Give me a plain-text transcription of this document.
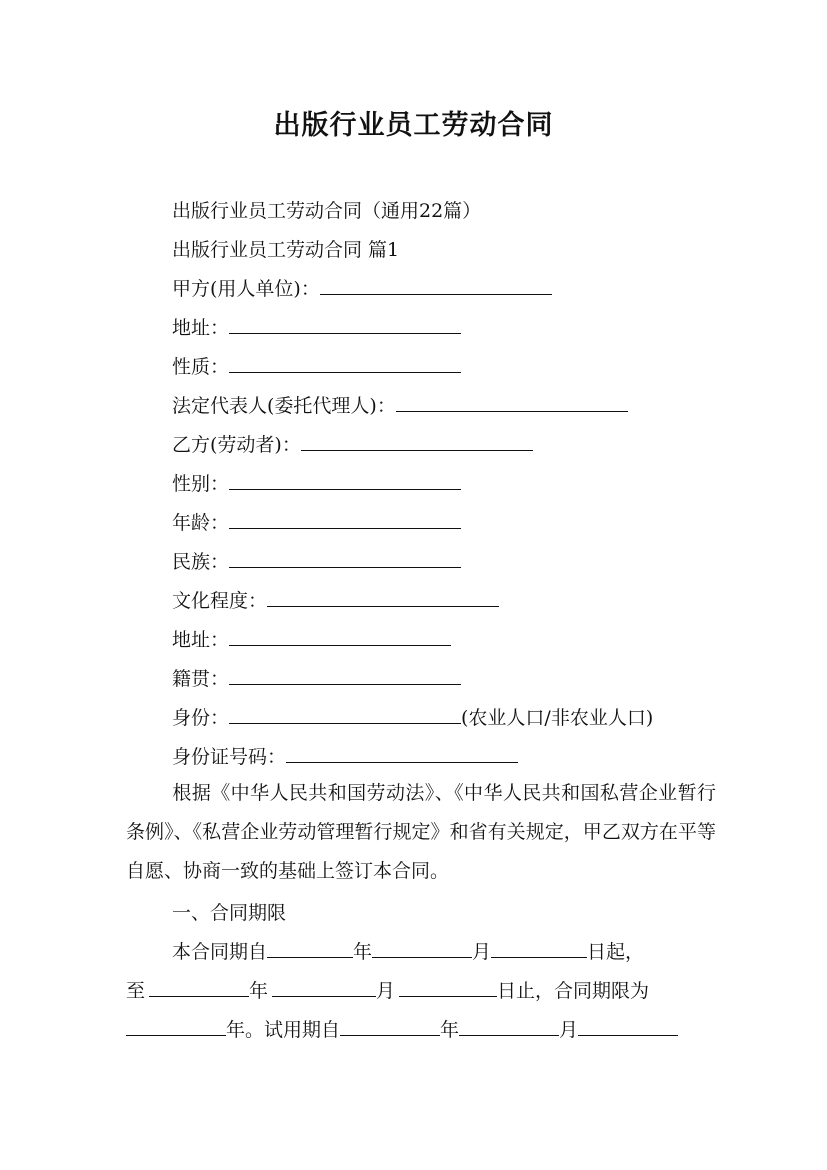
出版行业员工劳动合同
出版行业员工劳动合同（通用22篇）
出版行业员工劳动合同 篇1
甲方(用人单位)：
地址：
性质：
法定代表人(委托代理人)：
乙方(劳动者)：
性别：
年龄：
民族：
文化程度：
地址：
籍贯：
身份：	(农业人口/非农业人口)
身份证号码：
根据《中华人民共和国劳动法》、《中华人民共和国私营企业暂行条例》、《私营企业劳动管理暂行规定》和省有关规定，甲乙双方在平等自愿、协商一致的基础上签订本合同。
一、合同期限
本合同期自	年	月	日起，
至	年	月	日止，合同期限为
年。试用期自	年	月
